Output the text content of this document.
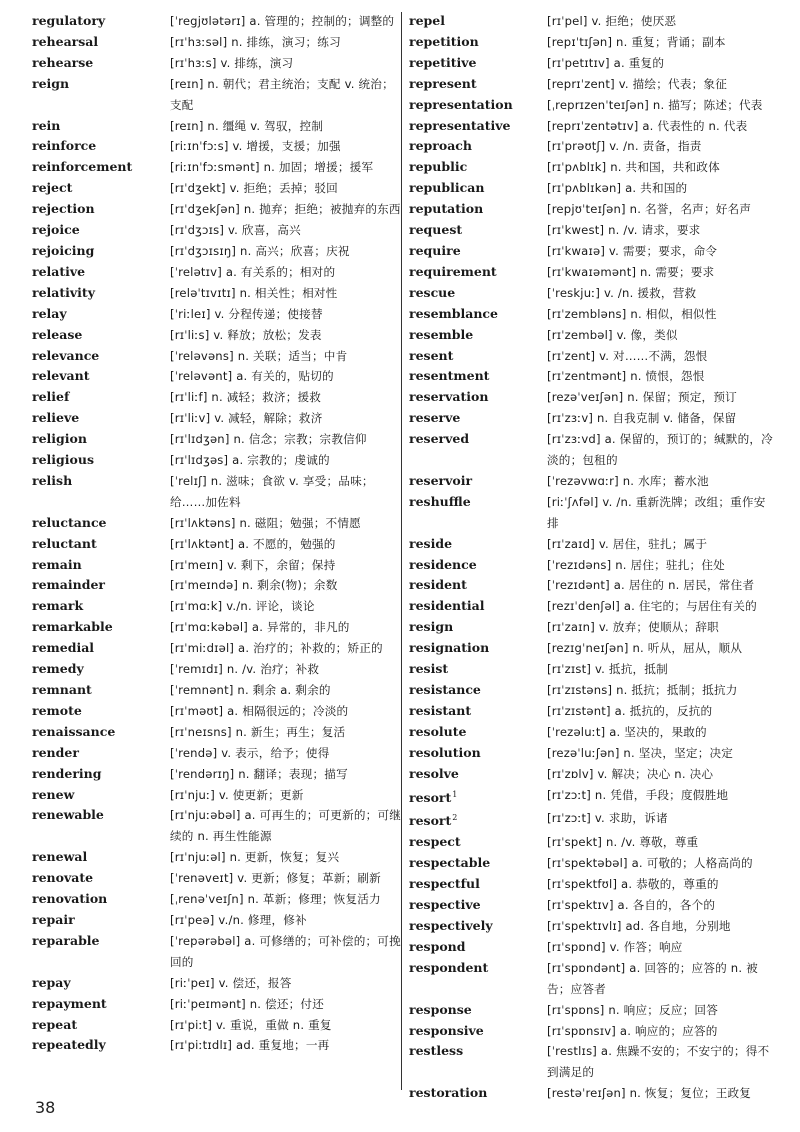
regulatory	[ˈregjʊlətərɪ] a. 管理的；控制的；调整的
rehearsal	[rɪˈhɜːsəl] n. 排练，演习；练习
rehearse	[rɪˈhɜːs] v. 排练，演习
reign	[reɪn] n. 朝代；君主统治；支配 v. 统治；支配
rein	[reɪn] n. 缰绳 v. 驾驭，控制
reinforce	[riːɪnˈfɔːs] v. 增援，支援；加强
reinforcement	[riːɪnˈfɔːsmənt] n. 加固；增援；援军
reject	[rɪˈdʒekt] v. 拒绝；丢掉；驳回
rejection	[rɪˈdʒekʃən] n. 抛弃；拒绝；被抛弃的东西
rejoice	[rɪˈdʒɔɪs] v. 欣喜，高兴
rejoicing	[rɪˈdʒɔɪsɪŋ] n. 高兴；欣喜；庆祝
relative	[ˈrelətɪv] a. 有关系的；相对的
relativity	[reləˈtɪvɪtɪ] n. 相关性；相对性
relay	[ˈriːleɪ] v. 分程传递；使接替
release	[rɪˈliːs] v. 释放；放松；发表
relevance	[ˈreləvəns] n. 关联；适当；中肯
relevant	[ˈreləvənt] a. 有关的，贴切的
relief	[rɪˈliːf] n. 减轻；救济；援救
relieve	[rɪˈliːv] v. 减轻，解除；救济
religion	[rɪˈlɪdʒən] n. 信念；宗教；宗教信仰
religious	[rɪˈlɪdʒəs] a. 宗教的；虔诚的
relish	[ˈrelɪʃ] n. 滋味；食欲 v. 享受；品味；给……加佐料
reluctance	[rɪˈlʌktəns] n. 磁阻；勉强；不情愿
reluctant	[rɪˈlʌktənt] a. 不愿的，勉强的
remain	[rɪˈmeɪn] v. 剩下，余留；保持
remainder	[rɪˈmeɪndə] n. 剩余(物)；余数
remark	[rɪˈmɑːk] v./n. 评论，谈论
remarkable	[rɪˈmɑːkəbəl] a. 异常的，非凡的
remedial	[rɪˈmiːdɪəl] a. 治疗的；补救的；矫正的
remedy	[ˈremɪdɪ] n. /v. 治疗；补救
remnant	[ˈremnənt] n. 剩余 a. 剩余的
remote	[rɪˈməʊt] a. 相隔很远的；冷淡的
renaissance	[rɪˈneɪsns] n. 新生；再生；复活
render	[ˈrendə] v. 表示，给予；使得
rendering	[ˈrendərɪŋ] n. 翻译；表现；描写
renew	[rɪˈnjuː] v. 使更新；更新
renewable	[rɪˈnjuːəbəl] a. 可再生的；可更新的；可继续的 n. 再生性能源
renewal	[rɪˈnjuːəl] n. 更新，恢复；复兴
renovate	[ˈrenəveɪt] v. 更新；修复；革新；刷新
renovation	[ˌrenəˈveɪʃn] n. 革新；修理；恢复活力
repair	[rɪˈpeə] v./n. 修理，修补
reparable	[ˈrepərəbəl] a. 可修缮的；可补偿的；可挽回的
repay	[riːˈpeɪ] v. 偿还，报答
repayment	[riːˈpeɪmənt] n. 偿还；付还
repeat	[rɪˈpiːt] v. 重说，重做 n. 重复
repeatedly	[rɪˈpiːtɪdlɪ] ad. 重复地；一再
repel	[rɪˈpel] v. 拒绝；使厌恶
repetition	[repɪˈtɪʃən] n. 重复；背诵；副本
repetitive	[rɪˈpetɪtɪv] a. 重复的
represent	[reprɪˈzent] v. 描绘；代表；象征
representation	[ˌreprɪzenˈteɪʃən] n. 描写；陈述；代表
representative	[reprɪˈzentətɪv] a. 代表性的 n. 代表
reproach	[rɪˈprəʊtʃ] v. /n. 责备，指责
republic	[rɪˈpʌblɪk] n. 共和国，共和政体
republican	[rɪˈpʌblɪkən] a. 共和国的
reputation	[repjʊˈteɪʃən] n. 名誉，名声；好名声
request	[rɪˈkwest] n. /v. 请求，要求
require	[rɪˈkwaɪə] v. 需要；要求，命令
requirement	[rɪˈkwaɪəmənt] n. 需要；要求
rescue	[ˈreskjuː] v. /n. 援救，营救
resemblance	[rɪˈzembləns] n. 相似，相似性
resemble	[rɪˈzembəl] v. 像，类似
resent	[rɪˈzent] v. 对……不满，怨恨
resentment	[rɪˈzentmənt] n. 愤恨，怨恨
reservation	[rezəˈveɪʃən] n. 保留；预定，预订
reserve	[rɪˈzɜːv] n. 自我克制 v. 储备，保留
reserved	[rɪˈzɜːvd] a. 保留的，预订的；缄默的，冷淡的；包租的
reservoir	[ˈrezəvwɑːr] n. 水库；蓄水池
reshuffle	[riːˈʃʌfəl] v. /n. 重新洗牌；改组；重作安排
reside	[rɪˈzaɪd] v. 居住，驻扎；属于
residence	[ˈrezɪdəns] n. 居住；驻扎；住处
resident	[ˈrezɪdənt] a. 居住的 n. 居民，常住者
residential	[rezɪˈdenʃəl] a. 住宅的；与居住有关的
resign	[rɪˈzaɪn] v. 放弃；使顺从；辞职
resignation	[rezɪgˈneɪʃən] n. 听从，屈从，顺从
resist	[rɪˈzɪst] v. 抵抗，抵制
resistance	[rɪˈzɪstəns] n. 抵抗；抵制；抵抗力
resistant	[rɪˈzɪstənt] a. 抵抗的，反抗的
resolute	[ˈrezəluːt] a. 坚决的，果敢的
resolution	[rezəˈluːʃən] n. 坚决，坚定；决定
resolve	[rɪˈzɒlv] v. 解决；决心 n. 决心
resort$^1$	[rɪˈzɔːt] n. 凭借，手段；度假胜地
resort$^2$	[rɪˈzɔːt] v. 求助，诉诸
respect	[rɪˈspekt] n. /v. 尊敬，尊重
respectable	[rɪˈspektəbəl] a. 可敬的；人格高尚的
respectful	[rɪˈspektfʊl] a. 恭敬的，尊重的
respective	[rɪˈspektɪv] a. 各自的，各个的
respectively	[rɪˈspektɪvlɪ] ad. 各自地，分别地
respond	[rɪˈspɒnd] v. 作答；响应
respondent	[rɪˈspɒndənt] a. 回答的；应答的 n. 被告；应答者
response	[rɪˈspɒns] n. 响应；反应；回答
responsive	[rɪˈspɒnsɪv] a. 响应的；应答的
restless	[ˈrestlɪs] a. 焦躁不安的；不安宁的；得不到满足的
restoration	[restəˈreɪʃən] n. 恢复；复位；王政复
38
